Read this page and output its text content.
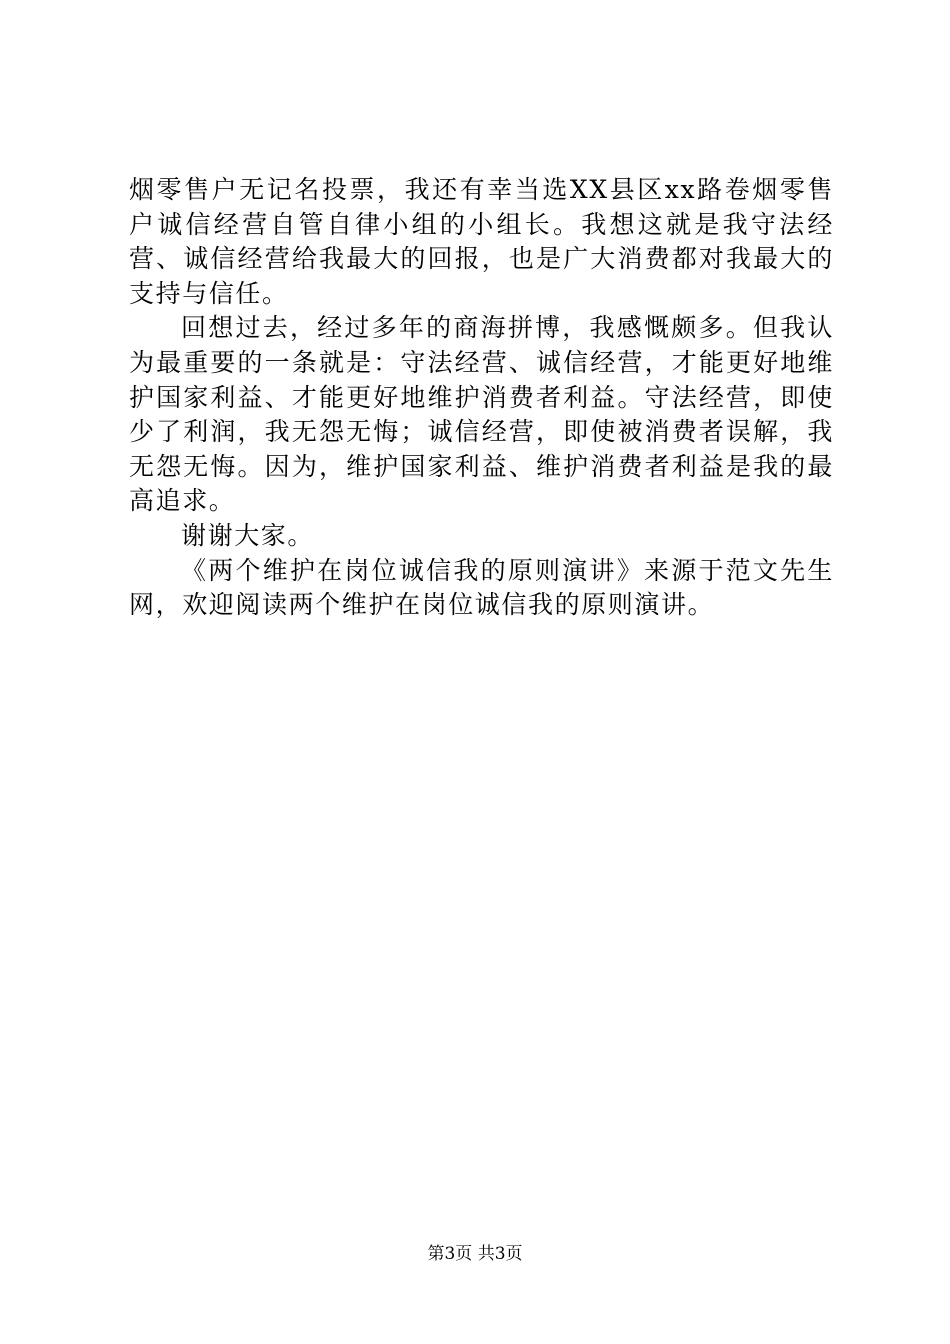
烟零售户无记名投票，我还有幸当选XX县区xx路卷烟零售户诚信经营自管自律小组的小组长。我想这就是我守法经营、诚信经营给我最大的回报，也是广大消费都对我最大的支持与信任。

回想过去，经过多年的商海拼博，我感慨颇多。但我认为最重要的一条就是：守法经营、诚信经营，才能更好地维护国家利益、才能更好地维护消费者利益。守法经营，即使少了利润，我无怨无悔；诚信经营，即使被消费者误解，我无怨无悔。因为，维护国家利益、维护消费者利益是我的最高追求。

谢谢大家。

《两个维护在岗位诚信我的原则演讲》来源于范文先生网，欢迎阅读两个维护在岗位诚信我的原则演讲。

第3页 共3页
